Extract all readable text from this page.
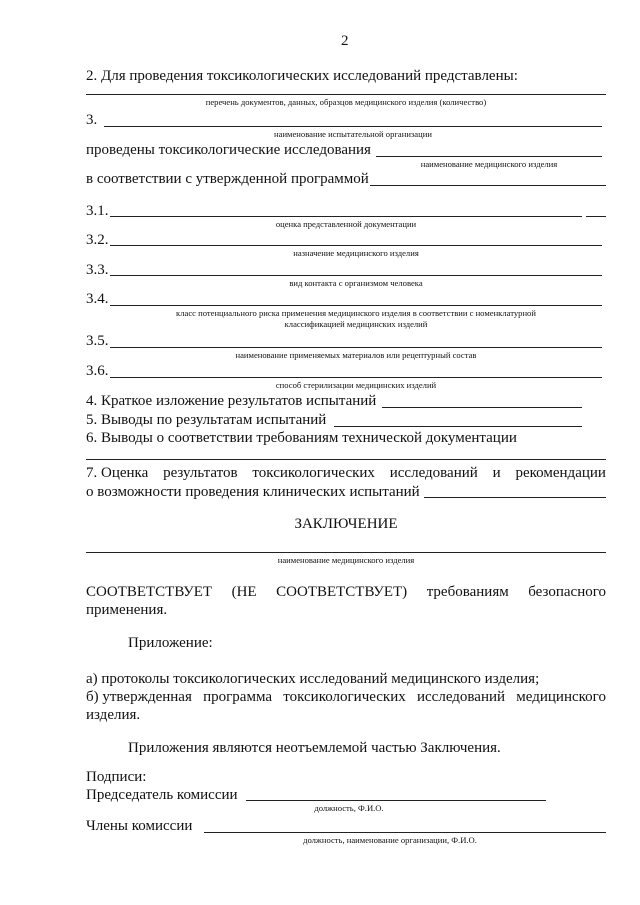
2
2. Для проведения токсикологических исследований представлены:
перечень документов, данных, образцов медицинского изделия (количество)
3.
наименование испытательной организации
проведены токсикологические исследования
наименование медицинского изделия
в соответствии с утвержденной программой
3.1.
оценка представленной документации
3.2.
назначение медицинского изделия
3.3.
вид контакта с организмом человека
3.4.
класс потенциального риска применения медицинского изделия в соответствии с номенклатурной
классификацией медицинских изделий
3.5.
наименование применяемых материалов или рецептурный состав
3.6.
способ стерилизации медицинских изделий
4. Краткое изложение результатов испытаний
5. Выводы по результатам испытаний
6. Выводы о соответствии требованиям технической документации
7. Оценка результатов токсикологических исследований и рекомендации
о возможности проведения клинических испытаний
ЗАКЛЮЧЕНИЕ
наименование медицинского изделия
СООТВЕТСТВУЕТ (НЕ СООТВЕТСТВУЕТ) требованиям безопасного
применения.
Приложение:
а) протоколы токсикологических исследований медицинского изделия;
б) утвержденная программа токсикологических исследований медицинского
изделия.
Приложения являются неотъемлемой частью Заключения.
Подписи:
Председатель комиссии
должность, Ф.И.О.
Члены комиссии
должность, наименование организации, Ф.И.О.
